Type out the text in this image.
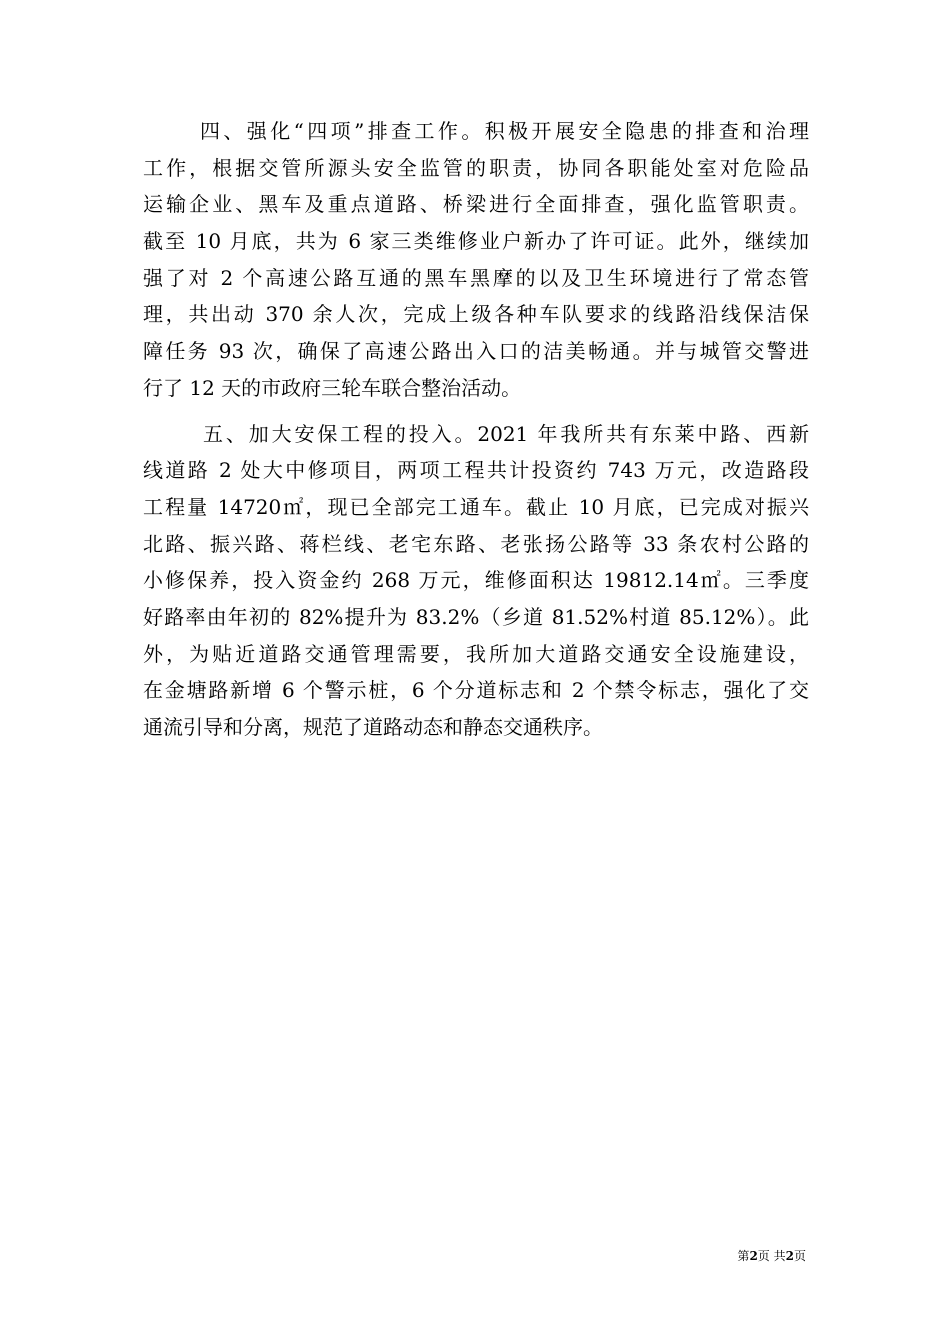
四、强化“四项”排查工作。积极开展安全隐患的排查和治理
工作，根据交管所源头安全监管的职责，协同各职能处室对危险品
运输企业、黑车及重点道路、桥梁进行全面排查，强化监管职责。
截至 10 月底，共为 6 家三类维修业户新办了许可证。此外，继续加
强了对 2 个高速公路互通的黑车黑摩的以及卫生环境进行了常态管
理，共出动 370 余人次，完成上级各种车队要求的线路沿线保洁保
障任务 93 次，确保了高速公路出入口的洁美畅通。并与城管交警进
行了 12 天的市政府三轮车联合整治活动。
五、加大安保工程的投入。2021 年我所共有东莱中路、西新
线道路 2 处大中修项目，两项工程共计投资约 743 万元，改造路段
工程量 14720㎡，现已全部完工通车。截止 10 月底，已完成对振兴
北路、振兴路、蒋栏线、老宅东路、老张扬公路等 33 条农村公路的
小修保养，投入资金约 268 万元，维修面积达 19812.14㎡。三季度
好路率由年初的 82%提升为 83.2%（乡道 81.52%村道 85.12%）。此
外，为贴近道路交通管理需要，我所加大道路交通安全设施建设，
在金塘路新增 6 个警示桩，6 个分道标志和 2 个禁令标志，强化了交
通流引导和分离，规范了道路动态和静态交通秩序。
第2页 共2页
